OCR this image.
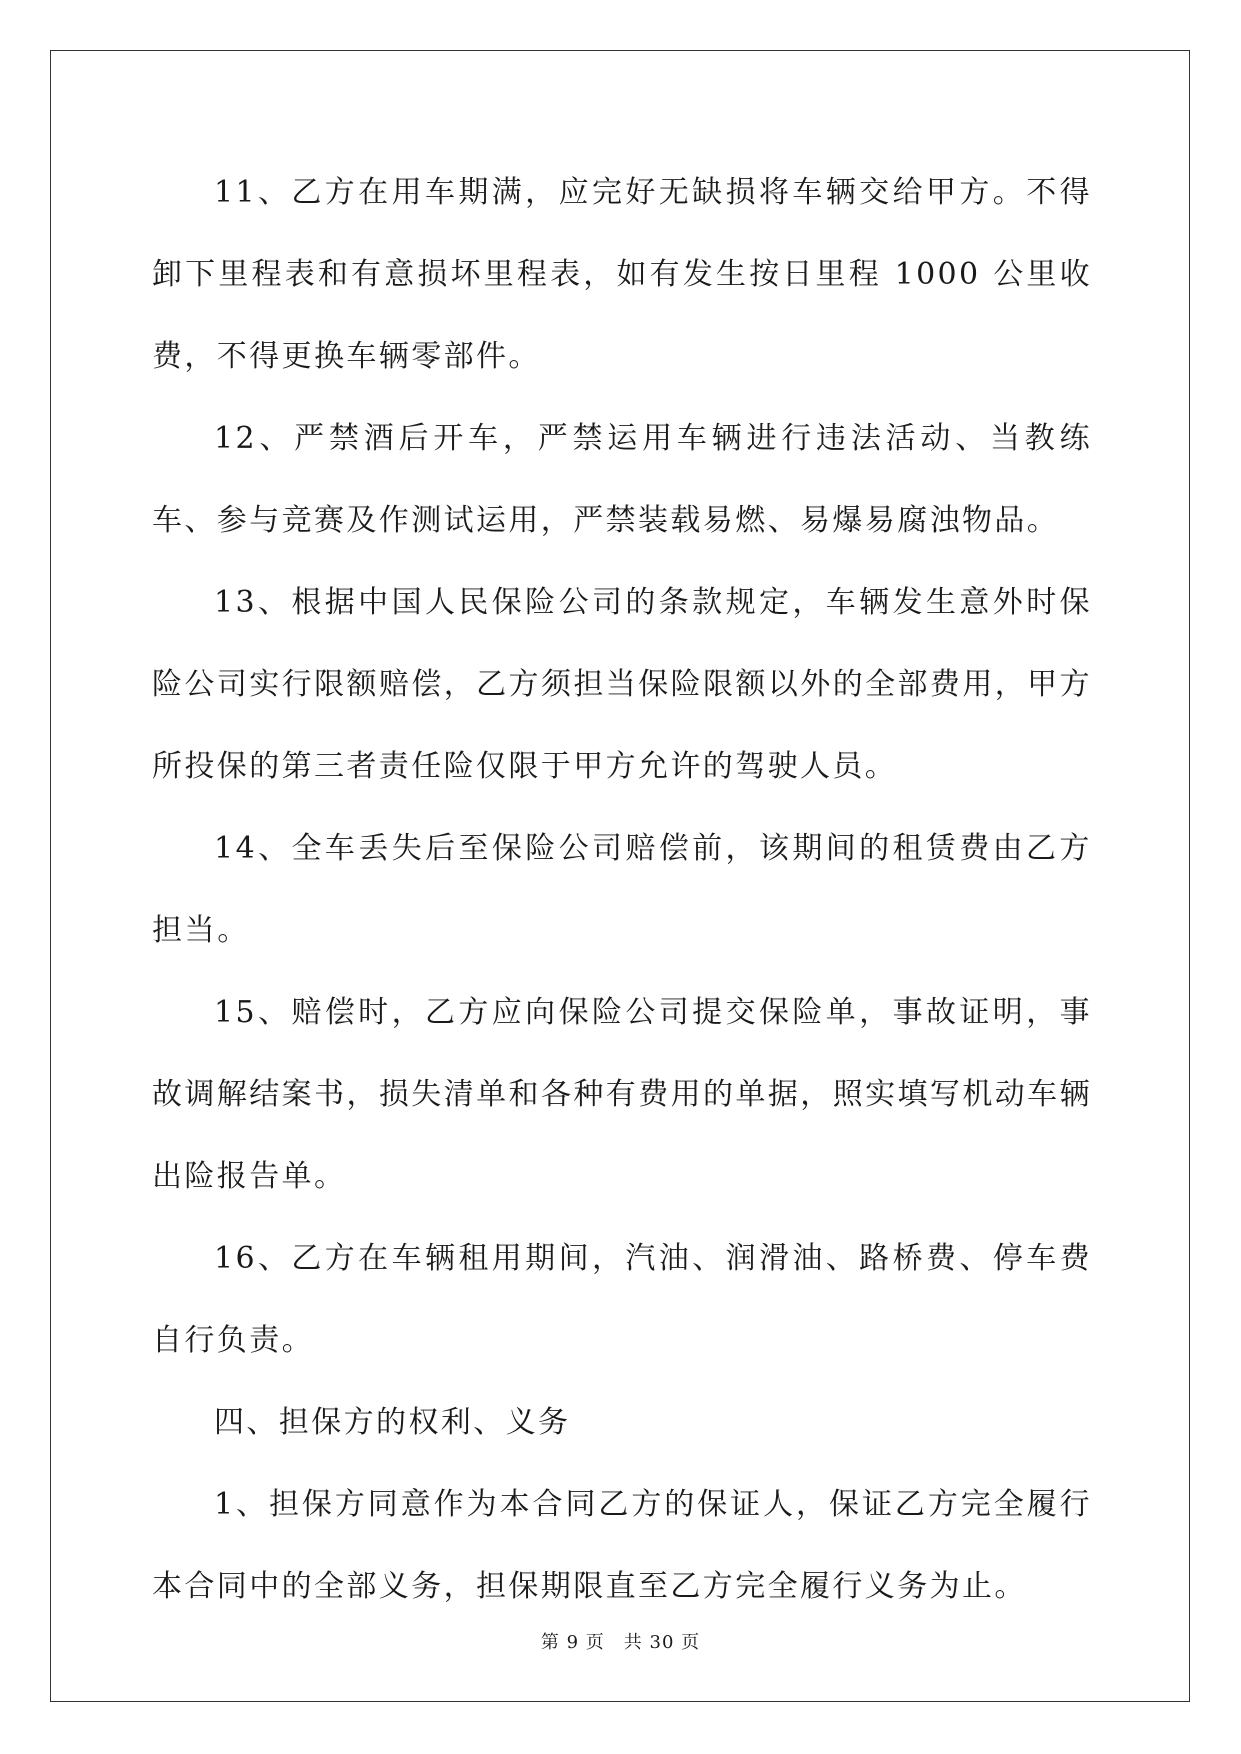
11、乙方在用车期满，应完好无缺损将车辆交给甲方。不得卸下里程表和有意损坏里程表，如有发生按日里程 1000 公里收费，不得更换车辆零部件。

12、严禁酒后开车，严禁运用车辆进行违法活动、当教练车、参与竞赛及作测试运用，严禁装载易燃、易爆易腐浊物品。

13、根据中国人民保险公司的条款规定，车辆发生意外时保险公司实行限额赔偿，乙方须担当保险限额以外的全部费用，甲方所投保的第三者责任险仅限于甲方允许的驾驶人员。

14、全车丢失后至保险公司赔偿前，该期间的租赁费由乙方担当。

15、赔偿时，乙方应向保险公司提交保险单，事故证明，事故调解结案书，损失清单和各种有费用的单据，照实填写机动车辆出险报告单。

16、乙方在车辆租用期间，汽油、润滑油、路桥费、停车费自行负责。

四、担保方的权利、义务

1、担保方同意作为本合同乙方的保证人，保证乙方完全履行本合同中的全部义务，担保期限直至乙方完全履行义务为止。

第 9 页　共 30 页
